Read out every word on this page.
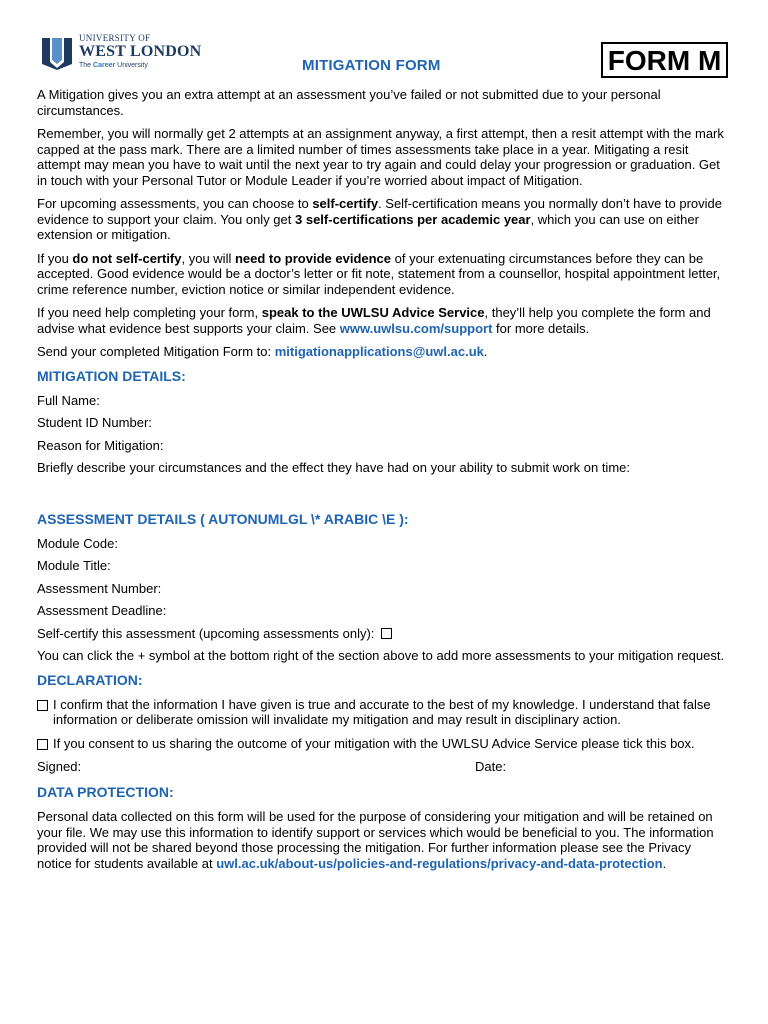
UNIVERSITY OF
WEST LONDON
The Career University	MITIGATION FORM	FORM M

A Mitigation gives you an extra attempt at an assessment you’ve failed or not submitted due to your personal circumstances.

Remember, you will normally get 2 attempts at an assignment anyway, a first attempt, then a resit attempt with the mark capped at the pass mark. There are a limited number of times assessments take place in a year. Mitigating a resit attempt may mean you have to wait until the next year to try again and could delay your progression or graduation. Get in touch with your Personal Tutor or Module Leader if you’re worried about impact of Mitigation.

For upcoming assessments, you can choose to self-certify. Self-certification means you normally don’t have to provide evidence to support your claim. You only get 3 self-certifications per academic year, which you can use on either extension or mitigation.

If you do not self-certify, you will need to provide evidence of your extenuating circumstances before they can be accepted. Good evidence would be a doctor’s letter or fit note, statement from a counsellor, hospital appointment letter, crime reference number, eviction notice or similar independent evidence.

If you need help completing your form, speak to the UWLSU Advice Service, they’ll help you complete the form and advise what evidence best supports your claim. See www.uwlsu.com/support for more details.

Send your completed Mitigation Form to: mitigationapplications@uwl.ac.uk.

MITIGATION DETAILS:
Full Name:
Student ID Number:
Reason for Mitigation:
Briefly describe your circumstances and the effect they have had on your ability to submit work on time:
ASSESSMENT DETAILS ( AUTONUMLGL \* ARABIC \E ):
Module Code:
Module Title:
Assessment Number:
Assessment Deadline:
Self-certify this assessment (upcoming assessments only):

You can click the + symbol at the bottom right of the section above to add more assessments to your mitigation request.

DECLARATION:
I confirm that the information I have given is true and accurate to the best of my knowledge. I understand that false information or deliberate omission will invalidate my mitigation and may result in disciplinary action.
If you consent to us sharing the outcome of your mitigation with the UWLSU Advice Service please tick this box.
Signed:	Date:
DATA PROTECTION:

Personal data collected on this form will be used for the purpose of considering your mitigation and will be retained on your file. We may use this information to identify support or services which would be beneficial to you. The information provided will not be shared beyond those processing the mitigation. For further information please see the Privacy notice for students available at uwl.ac.uk/about-us/policies-and-regulations/privacy-and-data-protection.
